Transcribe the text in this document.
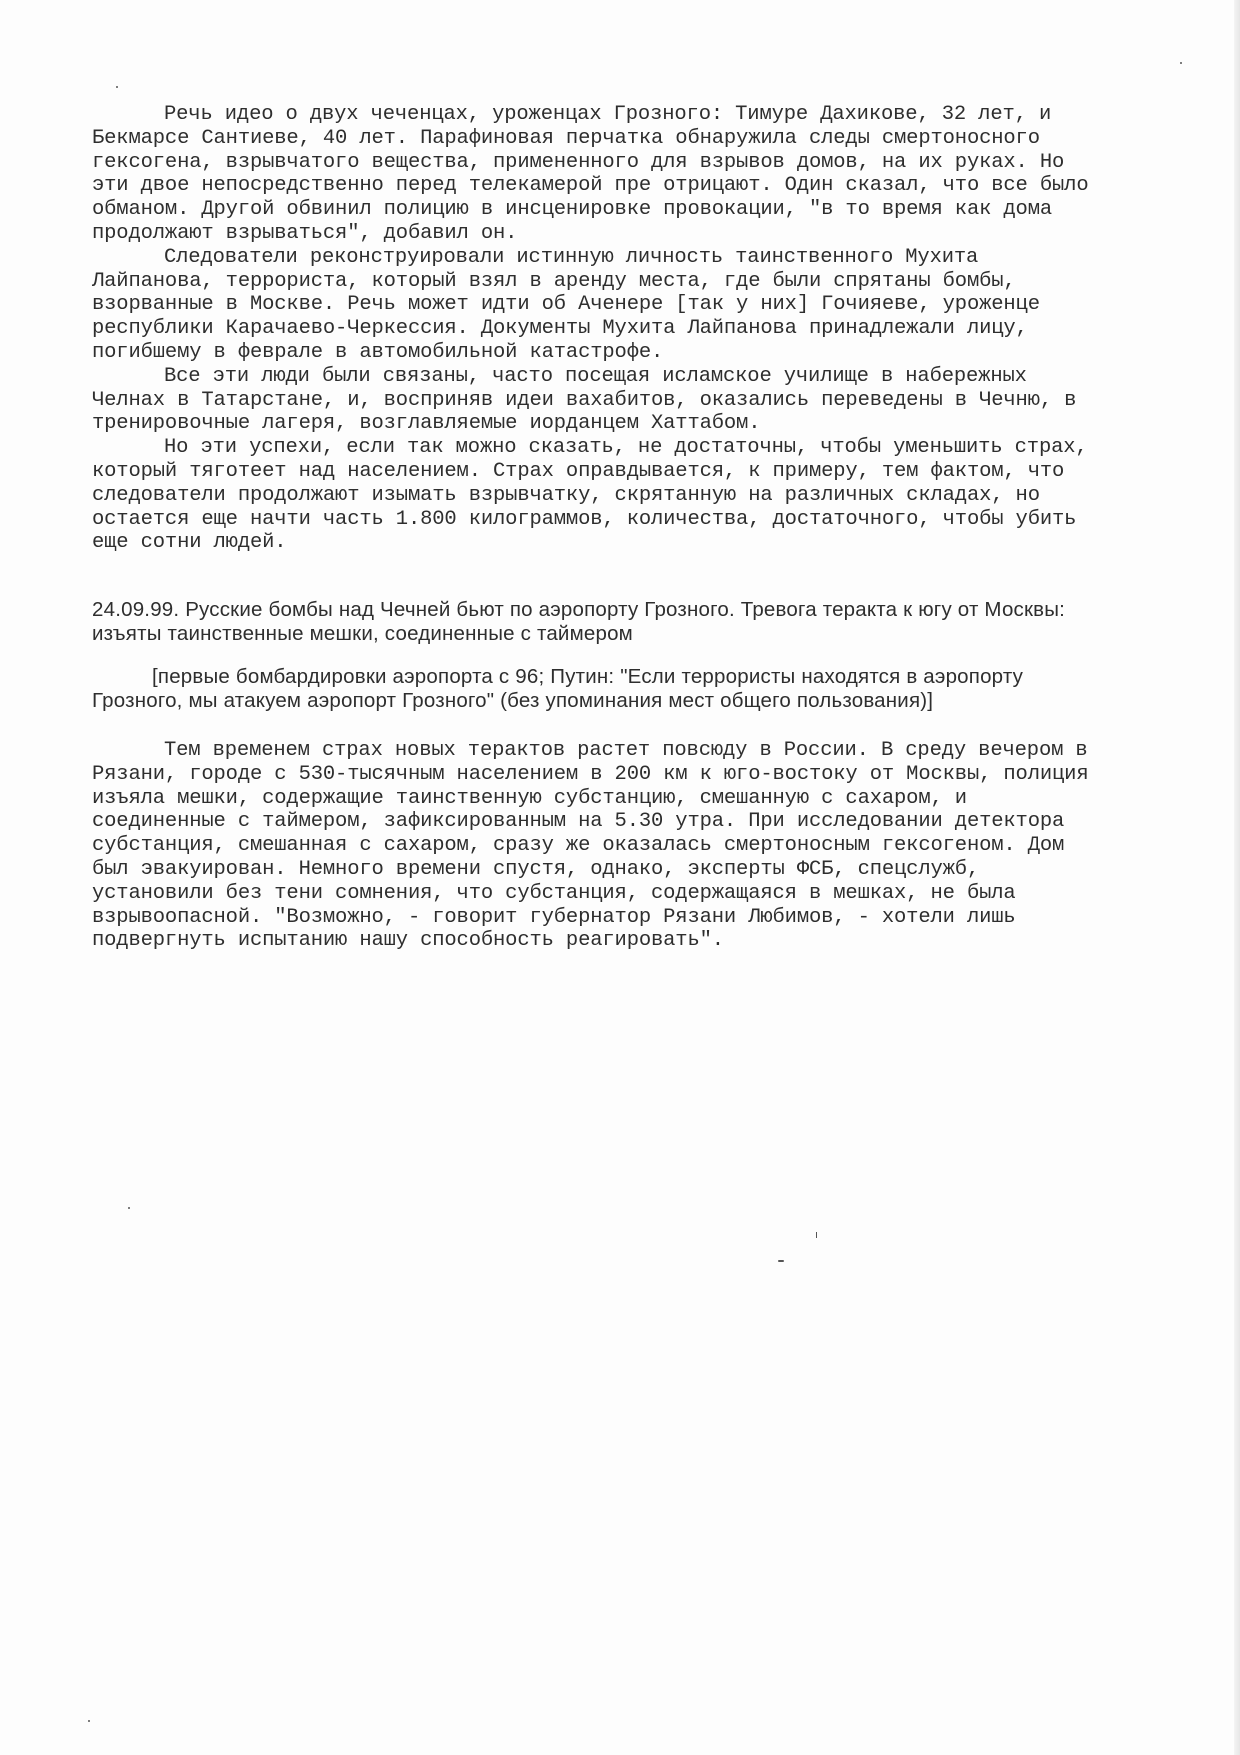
Речь идео о двух чеченцах, уроженцах Грозного: Тимуре Дахикове, 32 лет, и Бекмарсе Сантиеве, 40 лет. Парафиновая перчатка обнаружила следы смертоносного гексогена, взрывчатого вещества, примененного для взрывов домов, на их руках. Но эти двое непосредственно перед телекамерой пре отрицают. Один сказал, что все было обманом. Другой обвинил полицию в инсценировке провокации, "в то время как дома продолжают взрываться", добавил он.

Следователи реконструировали истинную личность таинственного Мухита Лайпанова, террориста, который взял в аренду места, где были спрятаны бомбы, взорванные в Москве. Речь может идти об Аченере [так у них] Гочияеве, уроженце республики Карачаево-Черкессия. Документы Мухита Лайпанова принадлежали лицу, погибшему в феврале в автомобильной катастрофе.

Все эти люди были связаны, часто посещая исламское училище в набережных Челнах в Татарстане, и, восприняв идеи вахабитов, оказались переведены в Чечню, в тренировочные лагеря, возглавляемые иорданцем Хаттабом.

Но эти успехи, если так можно сказать, не достаточны, чтобы уменьшить страх, который тяготеет над населением. Страх оправдывается, к примеру, тем фактом, что следователи продолжают изымать взрывчатку, скрятанную на различных складах, но остается еще начти часть 1.800 килограммов, количества, достаточного, чтобы убить еще сотни людей.

24.09.99. Русские бомбы над Чечней бьют по аэропорту Грозного. Тревога теракта к югу от Москвы: изъяты таинственные мешки, соединенные с таймером

[первые бомбардировки аэропорта с 96; Путин: "Если террористы находятся в аэропорту Грозного, мы атакуем аэропорт Грозного" (без упоминания мест общего пользования)]

Тем временем страх новых терактов растет повсюду в России. В среду вечером в Рязани, городе с 530-тысячным населением в 200 км к юго-востоку от Москвы, полиция изъяла мешки, содержащие таинственную субстанцию, смешанную с сахаром, и соединенные с таймером, зафиксированным на 5.30 утра. При исследовании детектора субстанция, смешанная с сахаром, сразу же оказалась смертоносным гексогеном. Дом был эвакуирован. Немного времени спустя, однако, эксперты ФСБ, спецслужб, установили без тени сомнения, что субстанция, содержащаяся в мешках, не была взрывоопасной. "Возможно, - говорит губернатор Рязани Любимов, - хотели лишь подвергнуть испытанию нашу способность реагировать".
